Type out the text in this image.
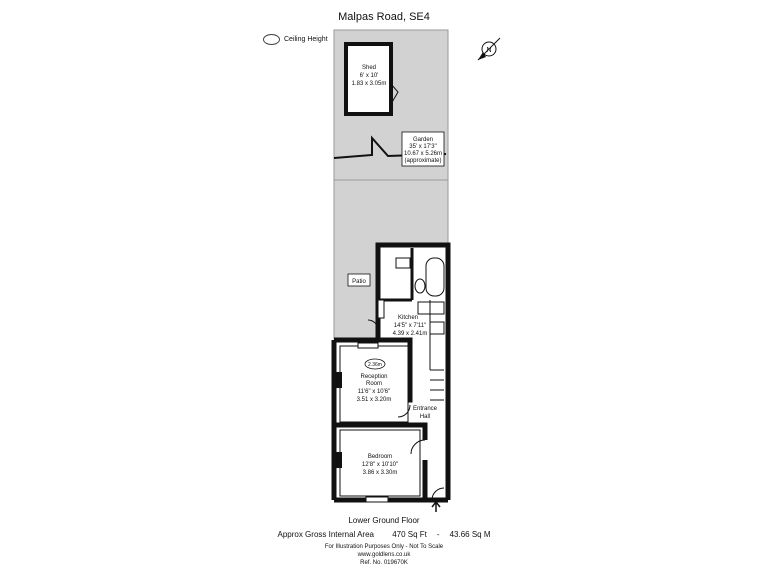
Malpas Road, SE4
Ceiling Height
N
Shed
6' x 10'
1.83 x 3.05m
Garden
35' x 17'3"
10.67 x 5.26m
(approximate)
Patio
Kitchen
14'5" x 7'11"
4.39 x 2.41m
2.36m
Reception
Room
11'6" x 10'6"
3.51 x 3.20m
Entrance
Hall
Bedroom
12'8" x 10'10"
3.86 x 3.30m
Lower Ground Floor
Approx Gross Internal Area 470 Sq Ft - 43.66 Sq M
For Illustration Purposes Only - Not To Scale
www.goldlens.co.uk
Ref. No. 019670K
